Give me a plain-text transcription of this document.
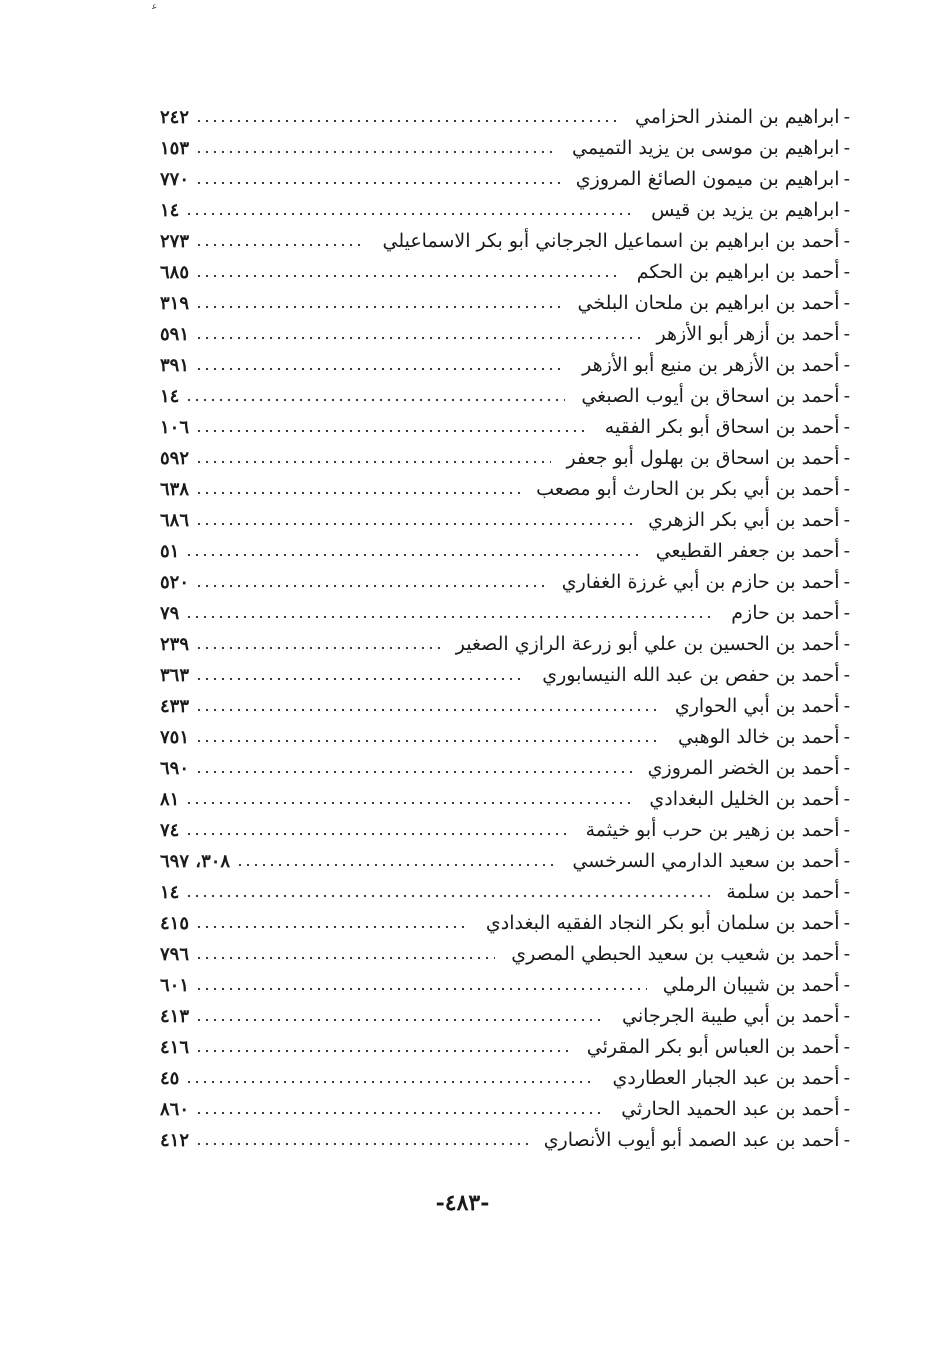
ﻋ
-
ابراهيم بن المنذر الحزامي
٢٤٢
-
ابراهيم بن موسى بن يزيد التميمي
١٥٣
-
ابراهيم بن ميمون الصائغ المروزي
٧٧٠
-
ابراهيم بن يزيد بن قيس
١٤
-
أحمد بن ابراهيم بن اسماعيل الجرجاني أبو بكر الاسماعيلي
٢٧٣
-
أحمد بن ابراهيم بن الحكم
٦٨٥
-
أحمد بن ابراهيم بن ملحان البلخي
٣١٩
-
أحمد بن أزهر أبو الأزهر
٥٩١
-
أحمد بن الأزهر بن منيع أبو الأزهر
٣٩١
-
أحمد بن اسحاق بن أيوب الصبغي
١٤
-
أحمد بن اسحاق أبو بكر الفقيه
١٠٦
-
أحمد بن اسحاق بن بهلول أبو جعفر
٥٩٢
-
أحمد بن أبي بكر بن الحارث أبو مصعب
٦٣٨
-
أحمد بن أبي بكر الزهري
٦٨٦
-
أحمد بن جعفر القطيعي
٥١
-
أحمد بن حازم بن أبي غرزة الغفاري
٥٢٠
-
أحمد بن حازم
٧٩
-
أحمد بن الحسين بن علي أبو زرعة الرازي الصغير
٢٣٩
-
أحمد بن حفص بن عبد الله النيسابوري
٣٦٣
-
أحمد بن أبي الحواري
٤٣٣
-
أحمد بن خالد الوهبي
٧٥١
-
أحمد بن الخضر المروزي
٦٩٠
-
أحمد بن الخليل البغدادي
٨١
-
أحمد بن زهير بن حرب أبو خيثمة
٧٤
-
أحمد بن سعيد الدارمي السرخسي
٣٠٨، ٦٩٧
-
أحمد بن سلمة
١٤
-
أحمد بن سلمان أبو بكر النجاد الفقيه البغدادي
٤١٥
-
أحمد بن شعيب بن سعيد الحبطي المصري
٧٩٦
-
أحمد بن شيبان الرملي
٦٠١
-
أحمد بن أبي طيبة الجرجاني
٤١٣
-
أحمد بن العباس أبو بكر المقرئي
٤١٦
-
أحمد بن عبد الجبار العطاردي
٤٥
-
أحمد بن عبد الحميد الحارثي
٨٦٠
-
أحمد بن عبد الصمد أبو أيوب الأنصاري
٤١٢
-٤٨٣-
